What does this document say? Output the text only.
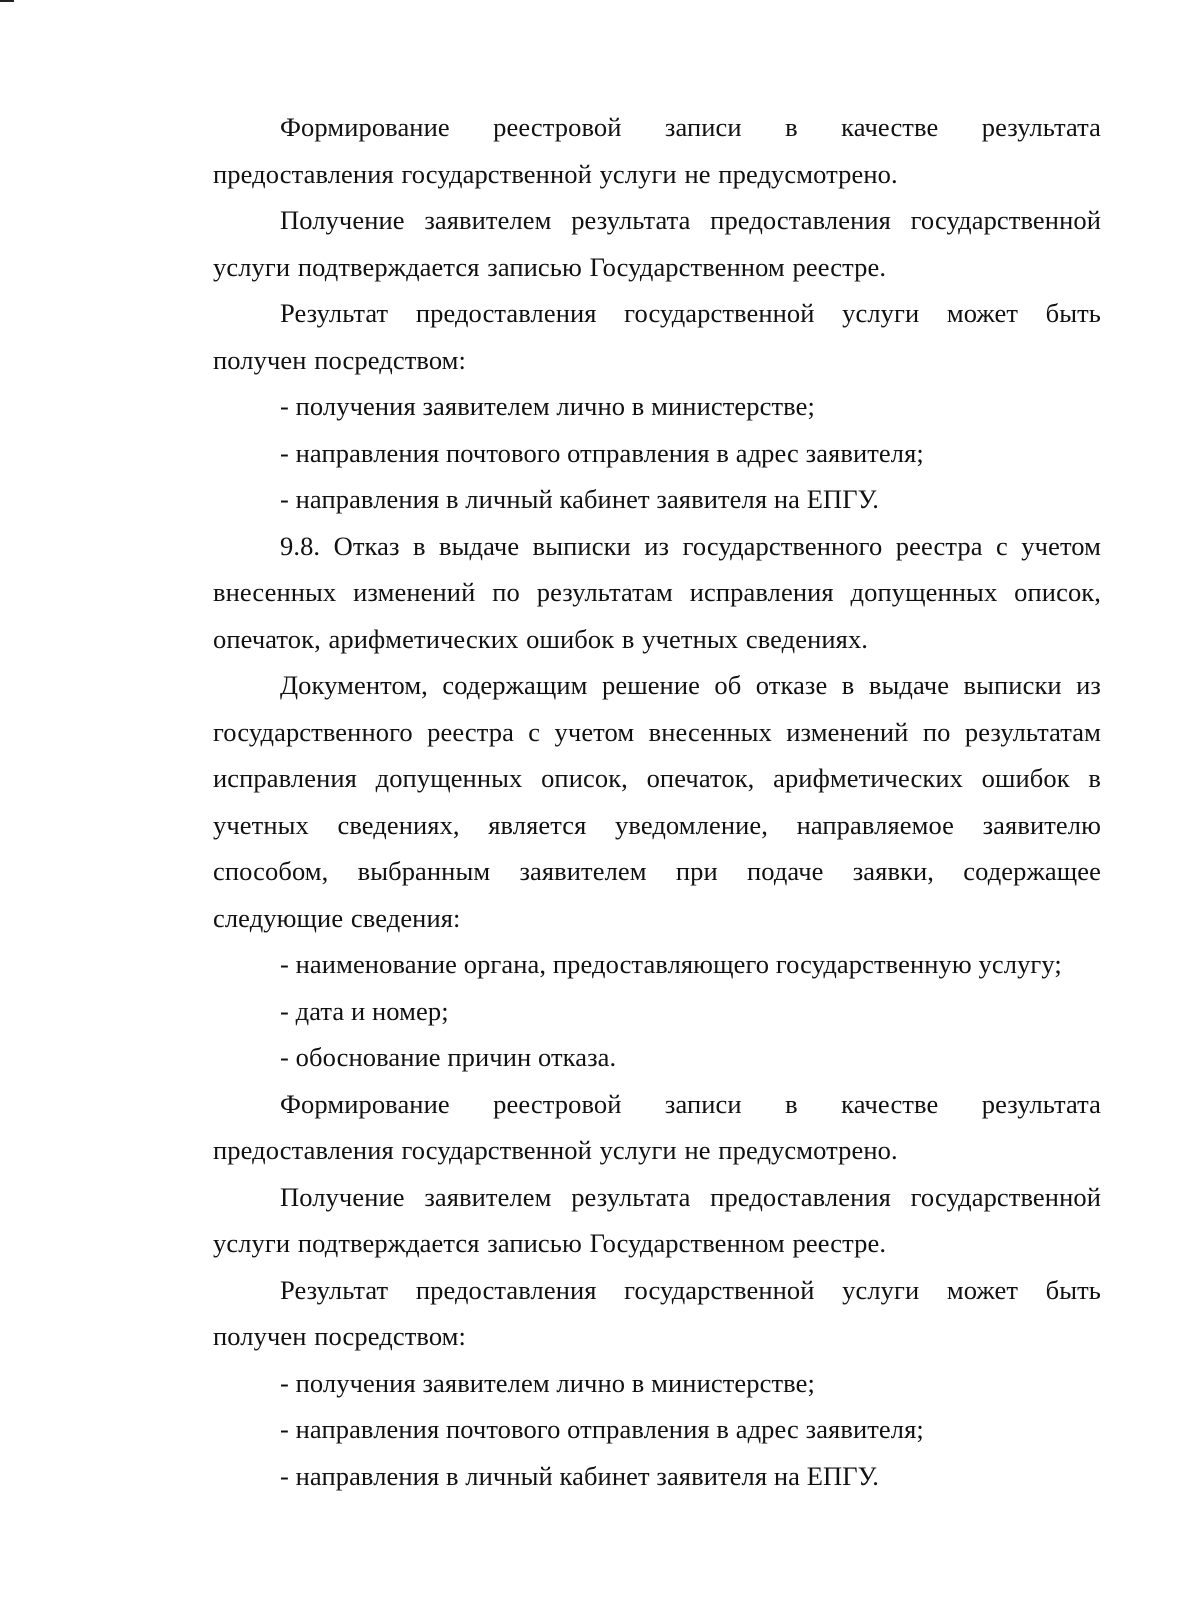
Формирование реестровой записи в качестве результата предоставления государственной услуги не предусмотрено.

Получение заявителем результата предоставления государственной услуги подтверждается записью Государственном реестре.

Результат предоставления государственной услуги может быть получен посредством:

- получения заявителем лично в министерстве;

- направления почтового отправления в адрес заявителя;

- направления в личный кабинет заявителя на ЕПГУ.

9.8. Отказ в выдаче выписки из государственного реестра с учетом внесенных изменений по результатам исправления допущенных описок, опечаток, арифметических ошибок в учетных сведениях.

Документом, содержащим решение об отказе в выдаче выписки из государственного реестра с учетом внесенных изменений по результатам исправления допущенных описок, опечаток, арифметических ошибок в учетных сведениях, является уведомление, направляемое заявителю способом, выбранным заявителем при подаче заявки, содержащее следующие сведения:

- наименование органа, предоставляющего государственную услугу;

- дата и номер;

- обоснование причин отказа.

Формирование реестровой записи в качестве результата предоставления государственной услуги не предусмотрено.

Получение заявителем результата предоставления государственной услуги подтверждается записью Государственном реестре.

Результат предоставления государственной услуги может быть получен посредством:

- получения заявителем лично в министерстве;

- направления почтового отправления в адрес заявителя;

- направления в личный кабинет заявителя на ЕПГУ.
